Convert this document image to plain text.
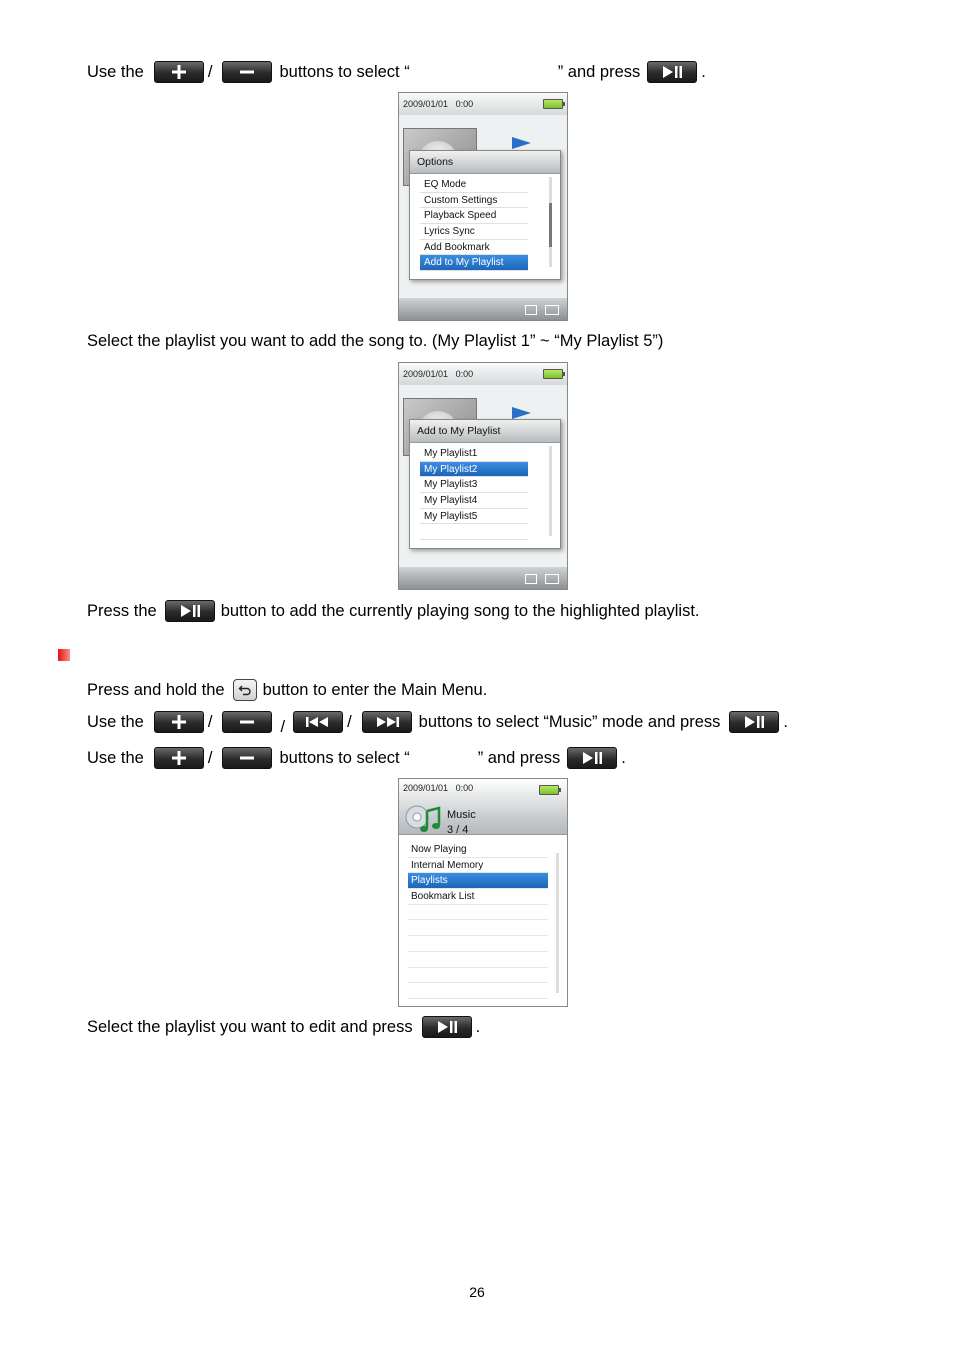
Use the	/	buttons to select “	” and press	.
2009/01/01 0:00
Options
EQ Mode
Custom Settings
Playback Speed
Lyrics Sync
Add Bookmark
Add to My Playlist
Select the playlist you want to add the song to. (My Playlist 1” ~ “My Playlist 5”)
2009/01/01 0:00
Add to My Playlist
My Playlist1
My Playlist2
My Playlist3
My Playlist4
My Playlist5
Press the	button to add the currently playing song to the highlighted playlist.
Press and hold the button to enter the Main Menu.
Use the	/	/	/	buttons to select “Music” mode and press	.
Use the	/	buttons to select “	” and press	.
2009/01/01 0:00
Music
3 / 4
Now Playing
Internal Memory
Playlists
Bookmark List
Select the playlist you want to edit and press	.
26
